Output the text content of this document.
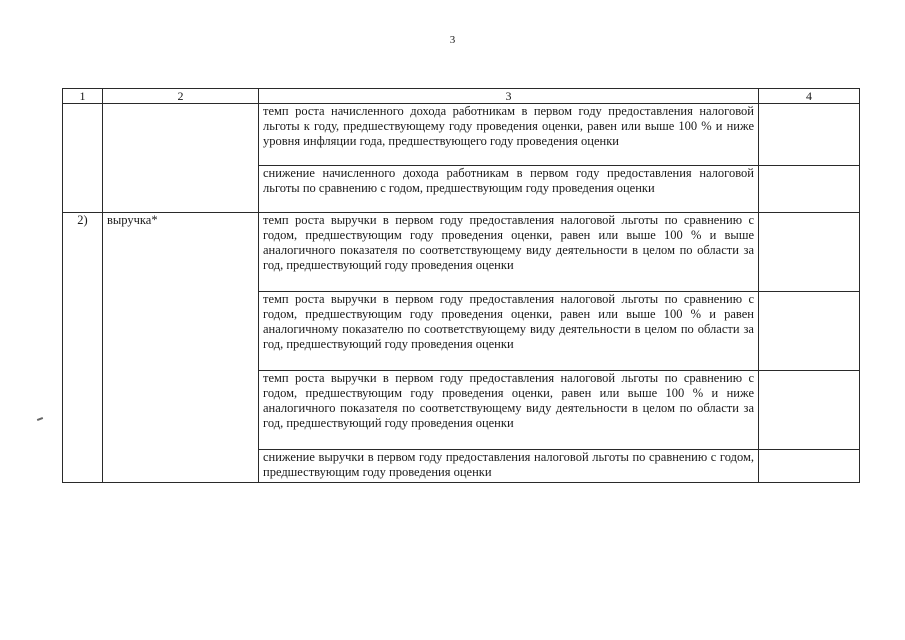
3
1	2	3	4
		темп роста начисленного дохода работникам в первом году предоставления налоговой льготы к году, предшествующему году проведения оценки, равен или выше 100 % и ниже уровня инфляции года, предшествующего году проведения оценки	
		снижение начисленного дохода работникам в первом году предоставления налоговой льготы по сравнению с годом, предшествующим году проведения оценки	
2)	выручка*	темп роста выручки в первом году предоставления налоговой льготы по сравнению с годом, предшествующим году проведения оценки, равен или выше 100 % и выше аналогичного показателя по соответствующему виду деятельности в целом по области за год, предшествующий году проведения оценки	
		темп роста выручки в первом году предоставления налоговой льготы по сравнению с годом, предшествующим году проведения оценки, равен или выше 100 % и равен аналогичному показателю по соответствующему виду деятельности в целом по области за год, предшествующий году проведения оценки	
		темп роста выручки в первом году предоставления налоговой льготы по сравнению с годом, предшествующим году проведения оценки, равен или выше 100 % и ниже аналогичного показателя по соответствующему виду деятельности в целом по области за год, предшествующий году проведения оценки	
		снижение выручки в первом году предоставления налоговой льготы по сравнению с годом, предшествующим году проведения оценки	
